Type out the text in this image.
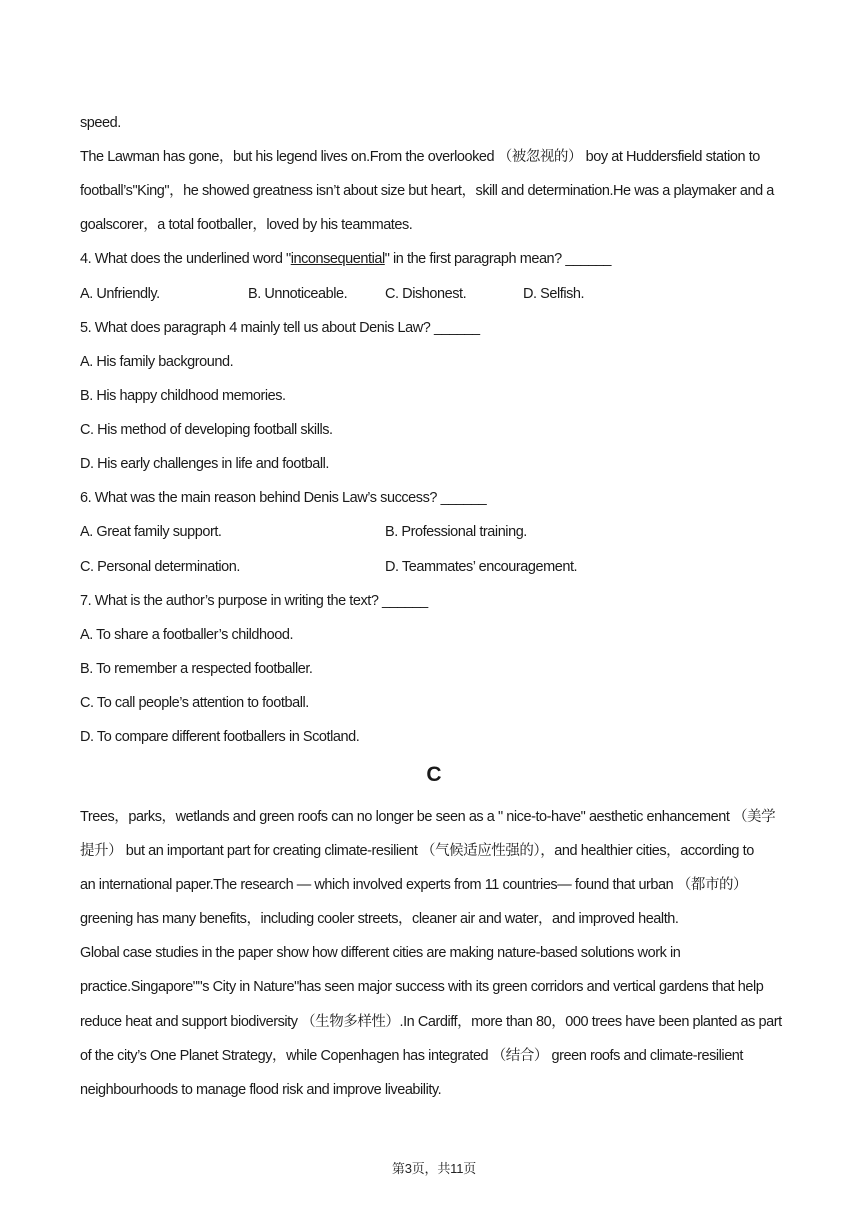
speed.
The Lawman has gone，but his legend lives on.From the overlooked （被忽视的） boy at Huddersfield station to
football’s"King"，he showed greatness isn’t about size but heart，skill and determination.He was a playmaker and a
goalscorer，a total footballer，loved by his teammates.
4. What does the underlined word "inconsequential" in the first paragraph mean? ______
A. Unfriendly.	B. Unnoticeable.	C. Dishonest.	D. Selfish.
5. What does paragraph 4 mainly tell us about Denis Law? ______
A. His family background.
B. His happy childhood memories.
C. His method of developing football skills.
D. His early challenges in life and football.
6. What was the main reason behind Denis Law’s success? ______
A. Great family support.	B. Professional training.
C. Personal determination.	D. Teammates’ encouragement.
7. What is the author’s purpose in writing the text? ______
A. To share a footballer’s childhood.
B. To remember a respected footballer.
C. To call people’s attention to football.
D. To compare different footballers in Scotland.
C
Trees，parks，wetlands and green roofs can no longer be seen as a " nice-to-have" aesthetic enhancement （美学
提升） but an important part for creating climate-resilient （气候适应性强的），and healthier cities，according to
an international paper.The research — which involved experts from 11 countries— found that urban （都市的）
greening has many benefits，including cooler streets，cleaner air and water，and improved health.
Global case studies in the paper show how different cities are making nature-based solutions work in
practice.Singapore""s City in Nature"has seen major success with its green corridors and vertical gardens that help
reduce heat and support biodiversity （生物多样性）.In Cardiff，more than 80，000 trees have been planted as part
of the city’s One Planet Strategy，while Copenhagen has integrated （结合） green roofs and climate-resilient
neighbourhoods to manage flood risk and improve liveability.
第3页，共11页
